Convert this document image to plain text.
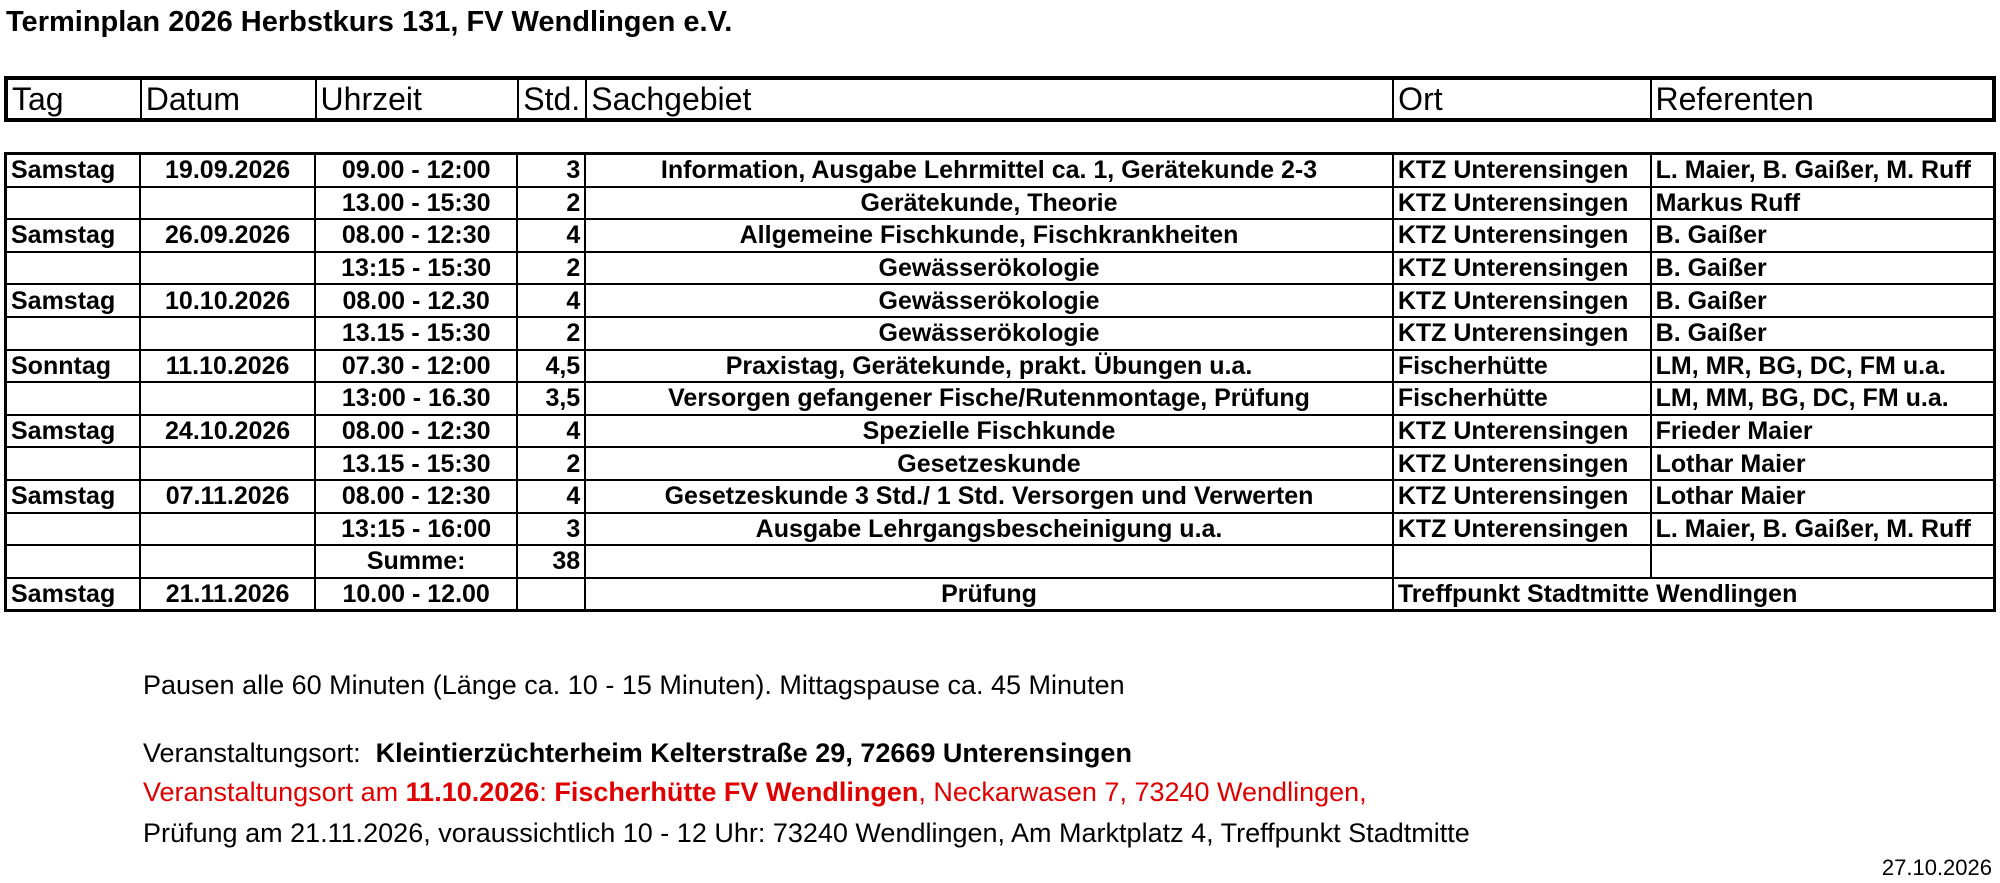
Terminplan 2026 Herbstkurs 131, FV Wendlingen e.V.
Tag	Datum	Uhrzeit	Std.	Sachgebiet	Ort	Referenten
Samstag	19.09.2026	09.00 - 12:00	3	Information, Ausgabe Lehrmittel ca. 1, Gerätekunde 2-3	KTZ Unterensingen	L. Maier, B. Gaißer, M. Ruff
		13.00 - 15:30	2	Gerätekunde, Theorie	KTZ Unterensingen	Markus Ruff
Samstag	26.09.2026	08.00 - 12:30	4	Allgemeine Fischkunde, Fischkrankheiten	KTZ Unterensingen	B. Gaißer
		13:15 - 15:30	2	Gewässerökologie	KTZ Unterensingen	B. Gaißer
Samstag	10.10.2026	08.00 - 12.30	4	Gewässerökologie	KTZ Unterensingen	B. Gaißer
		13.15 - 15:30	2	Gewässerökologie	KTZ Unterensingen	B. Gaißer
Sonntag	11.10.2026	07.30 - 12:00	4,5	Praxistag, Gerätekunde, prakt. Übungen u.a.	Fischerhütte	LM, MR, BG, DC, FM u.a.
		13:00 - 16.30	3,5	Versorgen gefangener Fische/Rutenmontage, Prüfung	Fischerhütte	LM, MM, BG, DC, FM u.a.
Samstag	24.10.2026	08.00 - 12:30	4	Spezielle Fischkunde	KTZ Unterensingen	Frieder Maier
		13.15 - 15:30	2	Gesetzeskunde	KTZ Unterensingen	Lothar Maier
Samstag	07.11.2026	08.00 - 12:30	4	Gesetzeskunde 3 Std./ 1 Std. Versorgen und Verwerten	KTZ Unterensingen	Lothar Maier
		13:15 - 16:00	3	Ausgabe Lehrgangsbescheinigung u.a.	KTZ Unterensingen	L. Maier, B. Gaißer, M. Ruff
		Summe:	38			
Samstag	21.11.2026	10.00 - 12.00		Prüfung	Treffpunkt Stadtmitte Wendlingen	
Pausen alle 60 Minuten (Länge ca. 10 - 15 Minuten). Mittagspause ca. 45 Minuten
Veranstaltungsort: Kleintierzüchterheim Kelterstraße 29, 72669 Unterensingen
Veranstaltungsort am 11.10.2026: Fischerhütte FV Wendlingen, Neckarwasen 7, 73240 Wendlingen,
Prüfung am 21.11.2026, voraussichtlich 10 - 12 Uhr: 73240 Wendlingen, Am Marktplatz 4, Treffpunkt Stadtmitte
27.10.2026
